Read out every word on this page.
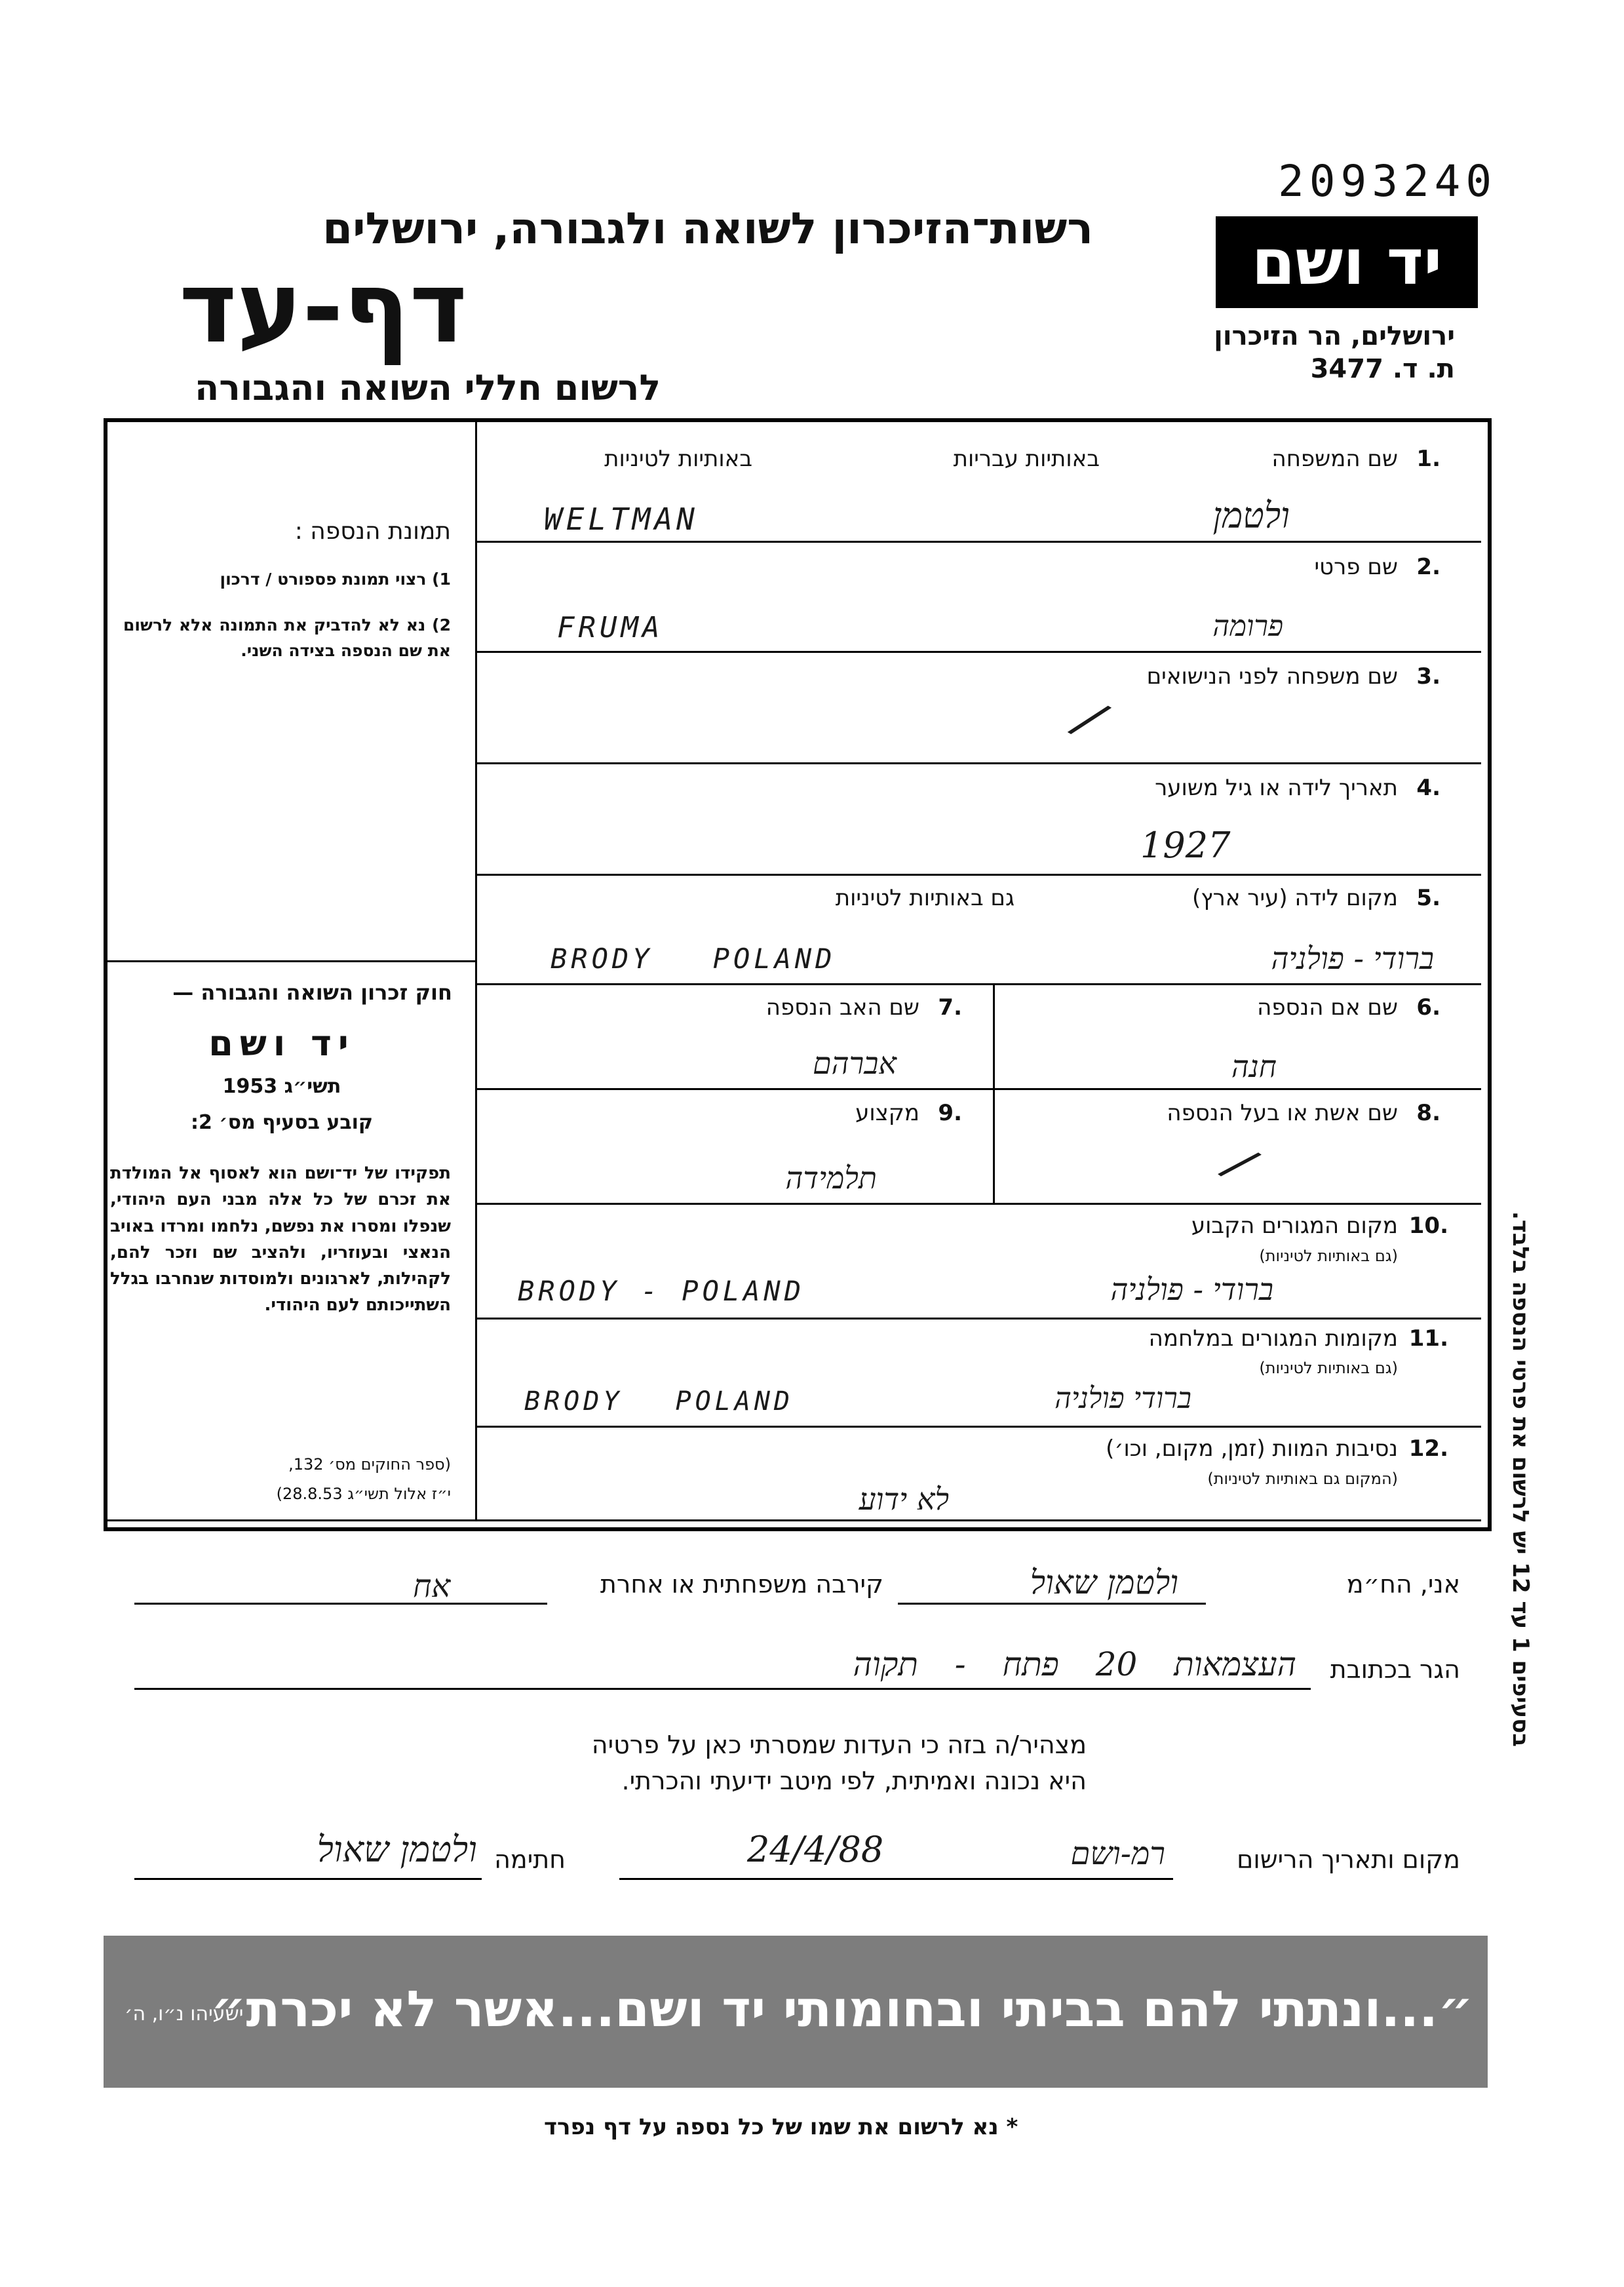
2093240
יד ושם
ירושלים, הר הזיכרון
ת. ד. 3477
רשות־הזיכרון לשואה ולגבורה, ירושלים
דף-עד
לרשום חללי השואה והגבורה
תמונת הנספה :
1) רצוי תמונת פספורט / דרכון
2) נא לא להדביק את התמונה אלא לרשום את שם הנספה בצידה השני.
חוק זכרון השואה והגבורה —
יד ושם
תשי״ג 1953
קובע בסעיף מס׳ 2:
תפקידו של יד־ושם הוא לאסוף אל המולדת את זכרם של כל אלה מבני העם היהודי, שנפלו ומסרו את נפשם, נלחמו ומרדו באויב הנאצי ובעוזריו, ולהציב שם וזכר להם, לקהילות, לארגונים ולמוסדות שנחרבו בגלל השתייכותם לעם היהודי.
(ספר החוקים מס׳ 132,
י״ז אלול תשי״ג 28.8.53)
1.
שם המשפחה
באותיות עבריות
באותיות לטיניות
ולטמן
WELTMAN
2.
שם פרטי
פרומה
FRUMA
3.
שם משפחה לפני הנישואים
/
4.
תאריך לידה או גיל משוער
1927
5.
מקום לידה (עיר ארץ)
גם באותיות לטיניות
ברודי - פולניה
BRODY POLAND
6.
שם אם הנספה
חנה
7.
שם האב הנספה
אברהם
8.
שם אשת או בעל הנספה
/
9.
מקצוע
תלמידה
10.
מקום המגורים הקבוע
(גם באותיות לטיניות)
ברודי - פולניה
BRODY - POLAND
11.
מקומות המגורים במלחמה
(גם באותיות לטיניות)
ברודי פולניה
BRODY POLAND
12.
נסיבות המוות (זמן, מקום, וכו׳)
(המקום גם באותיות לטיניות)
לא ידוע	בסעיפים 1 עד 12 יש לרשום את פרטי הנספה בלבד.
אני, הח״מ
ולטמן שאול
קירבה משפחתית או אחרת
אח
הגר בכתובת
העצמאות 20 פתח - תקוה
מצהיר/ה בזה כי העדות שמסרתי כאן על פרטיה
היא נכונה ואמיתית, לפי מיטב ידיעתי והכרתי.
מקום ותאריך הרישום
רמ-ושם
24/4/88
חתימה
ולטמן שאול
״...ונתתי להם בביתי ובחומותי יד ושם...אשר לא יכרת״
ישעיהו נ״ו, ה׳
* נא לרשום את שמו של כל נספה על דף נפרד
